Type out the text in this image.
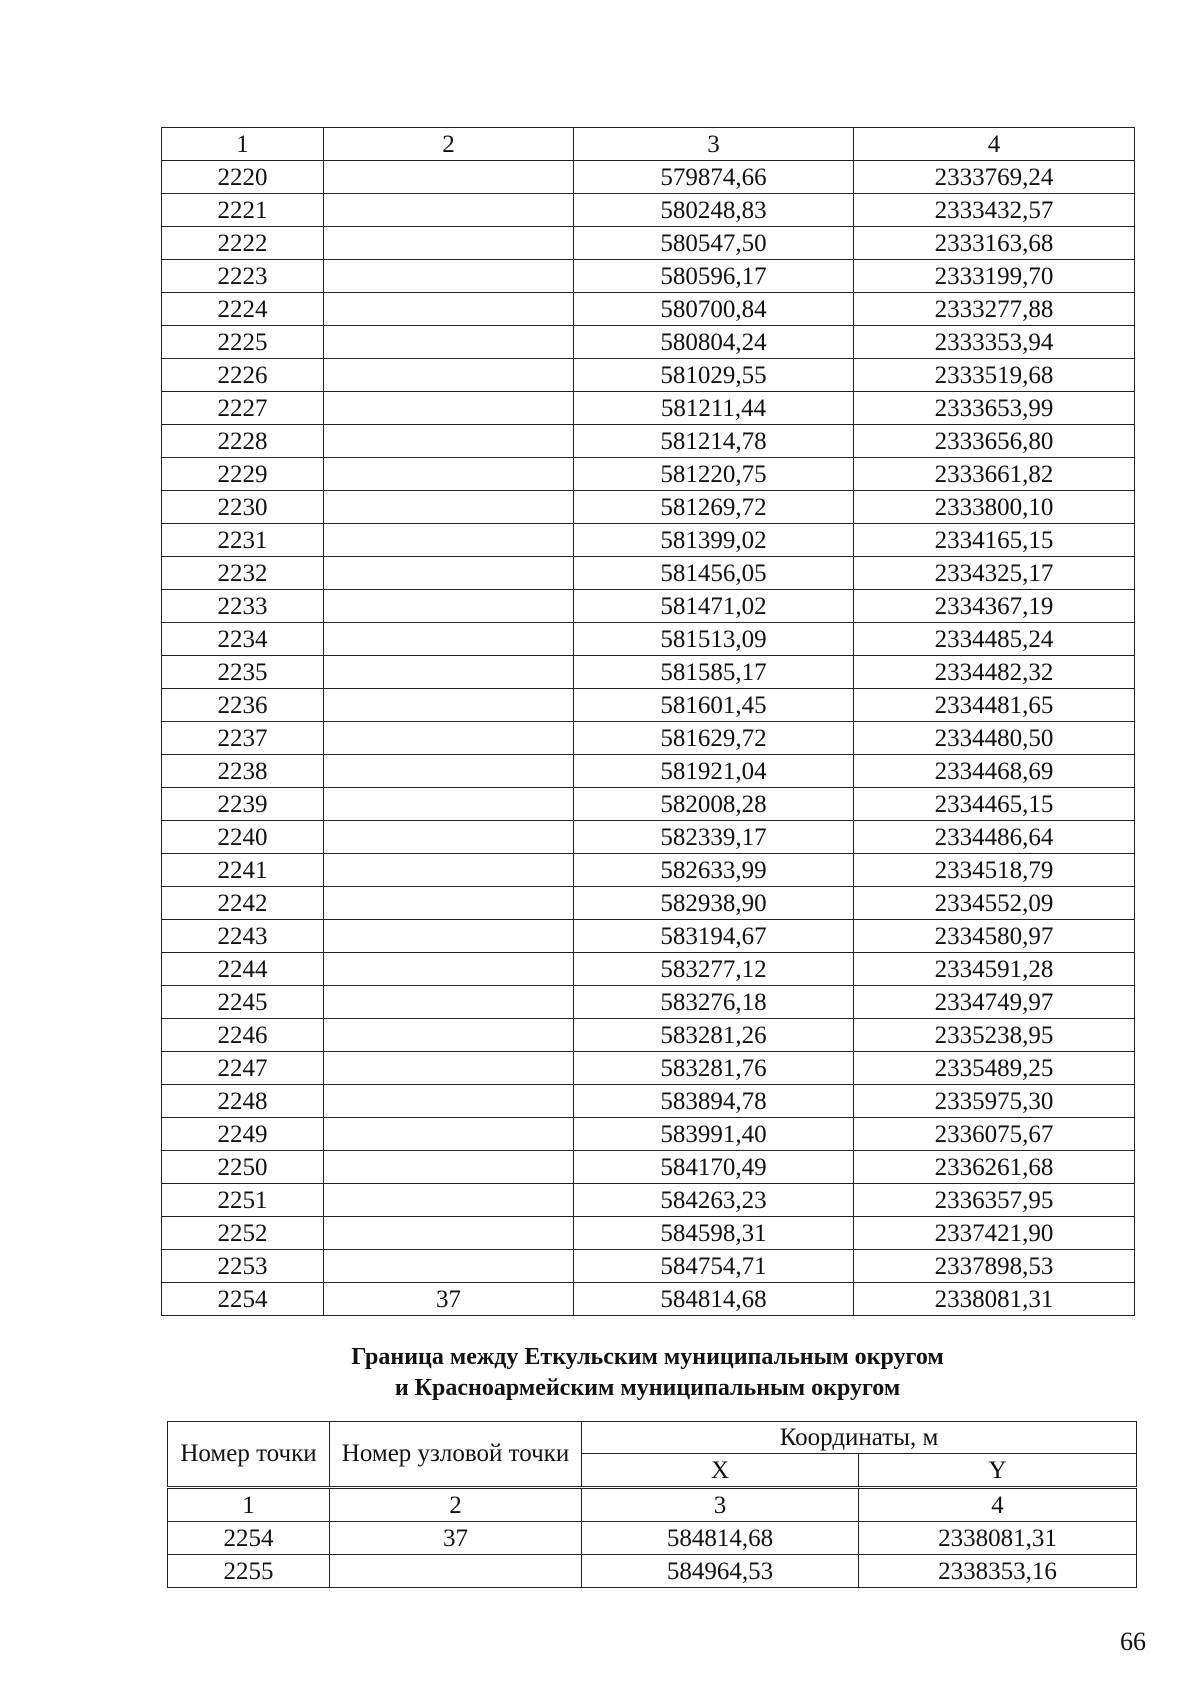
1	2	3	4
2220		579874,66	2333769,24
2221		580248,83	2333432,57
2222		580547,50	2333163,68
2223		580596,17	2333199,70
2224		580700,84	2333277,88
2225		580804,24	2333353,94
2226		581029,55	2333519,68
2227		581211,44	2333653,99
2228		581214,78	2333656,80
2229		581220,75	2333661,82
2230		581269,72	2333800,10
2231		581399,02	2334165,15
2232		581456,05	2334325,17
2233		581471,02	2334367,19
2234		581513,09	2334485,24
2235		581585,17	2334482,32
2236		581601,45	2334481,65
2237		581629,72	2334480,50
2238		581921,04	2334468,69
2239		582008,28	2334465,15
2240		582339,17	2334486,64
2241		582633,99	2334518,79
2242		582938,90	2334552,09
2243		583194,67	2334580,97
2244		583277,12	2334591,28
2245		583276,18	2334749,97
2246		583281,26	2335238,95
2247		583281,76	2335489,25
2248		583894,78	2335975,30
2249		583991,40	2336075,67
2250		584170,49	2336261,68
2251		584263,23	2336357,95
2252		584598,31	2337421,90
2253		584754,71	2337898,53
2254	37	584814,68	2338081,31
Граница между Еткульским муниципальным округом
и Красноармейским муниципальным округом
Номер точки	Номер узловой точки	Координаты, м	
		X	Y
1	2	3	4
2254	37	584814,68	2338081,31
2255		584964,53	2338353,16
66
